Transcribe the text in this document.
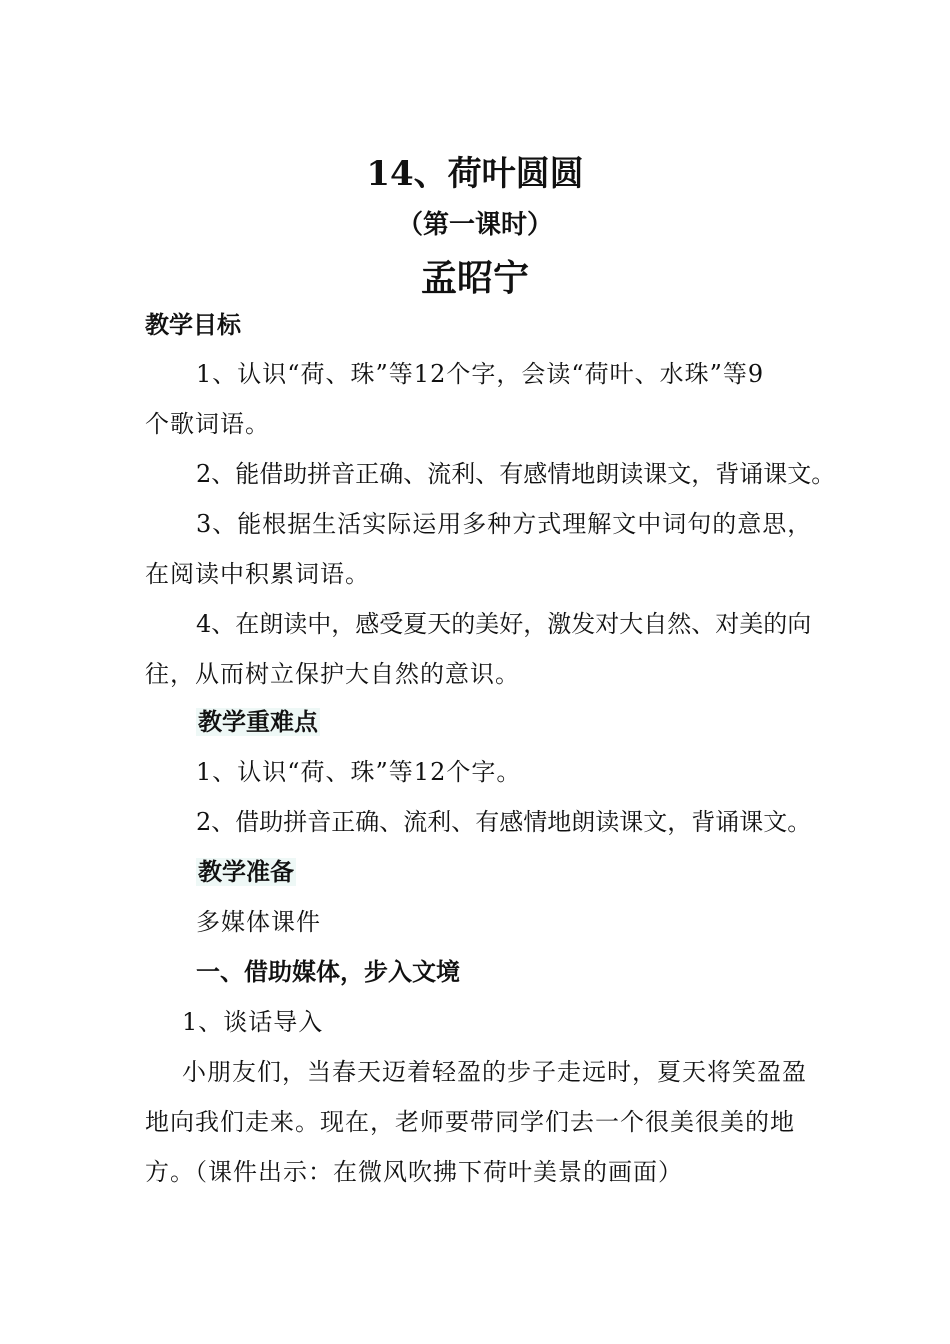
14、荷叶圆圆
（第一课时）
孟昭宁
教学目标
1、认识“荷、珠”等12个字，会读“荷叶、水珠”等9
个歌词语。
2、能借助拼音正确、流利、有感情地朗读课文，背诵课文。
3、能根据生活实际运用多种方式理解文中词句的意思，
在阅读中积累词语。
4、在朗读中，感受夏天的美好，激发对大自然、对美的向
往，从而树立保护大自然的意识。
教学重难点
1、认识“荷、珠”等12个字。
2、借助拼音正确、流利、有感情地朗读课文，背诵课文。
教学准备
多媒体课件
一、借助媒体，步入文境
1、谈话导入
小朋友们，当春天迈着轻盈的步子走远时，夏天将笑盈盈
地向我们走来。现在，老师要带同学们去一个很美很美的地
方。（课件出示：在微风吹拂下荷叶美景的画面）
